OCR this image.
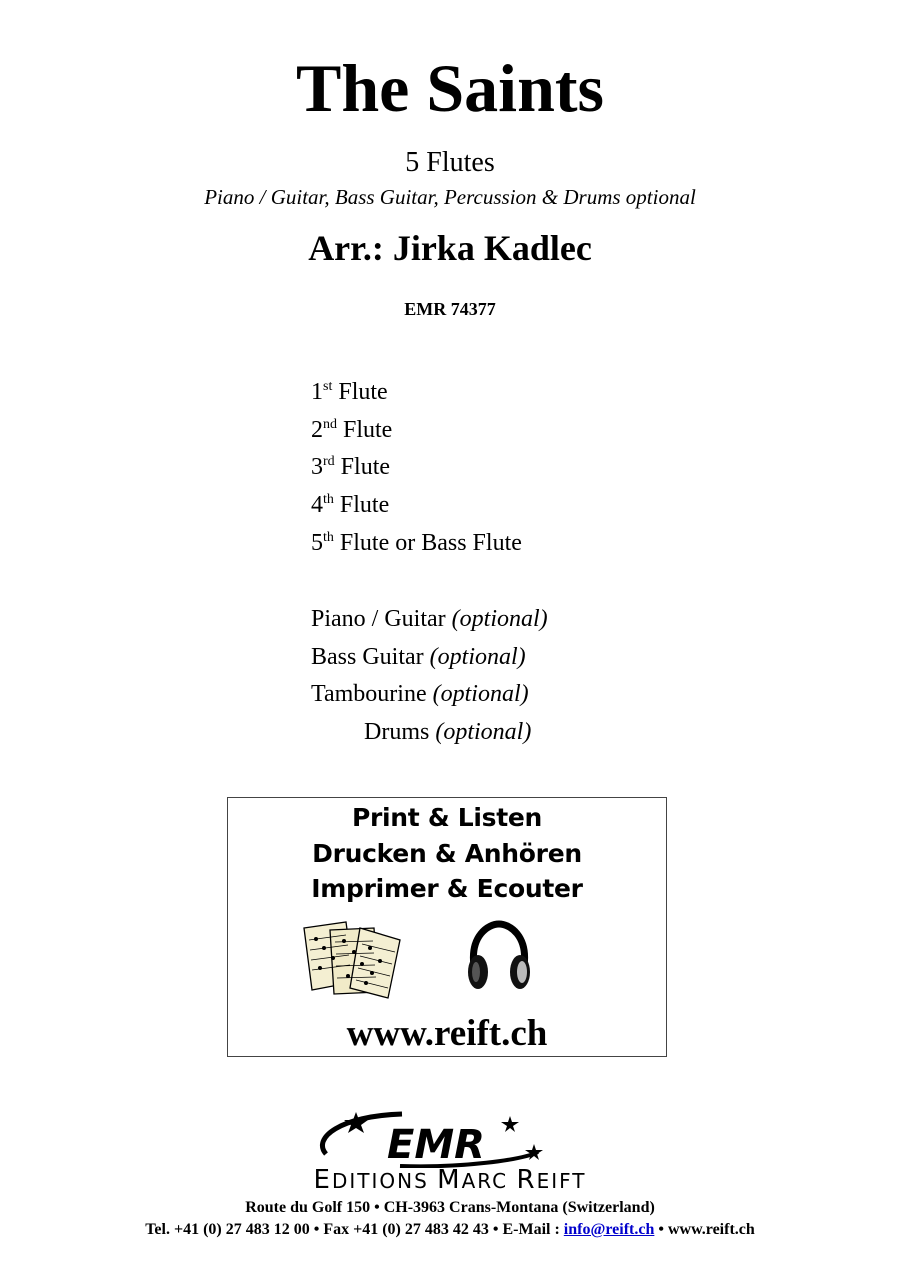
The Saints
5 Flutes
Piano / Guitar, Bass Guitar, Percussion & Drums optional
Arr.: Jirka Kadlec
EMR 74377
1st Flute
2nd Flute
3rd Flute
4th Flute
5th Flute or Bass Flute
Piano / Guitar (optional)
Bass Guitar (optional)
Tambourine (optional)
Drums (optional)
Print & Listen
Drucken & Anhören
Imprimer & Ecouter
www.reift.ch
EMR
EDITIONS MARC REIFT
Route du Golf 150 • CH-3963 Crans-Montana (Switzerland)
Tel. +41 (0) 27 483 12 00 • Fax +41 (0) 27 483 42 43 • E-Mail : info@reift.ch • www.reift.ch
